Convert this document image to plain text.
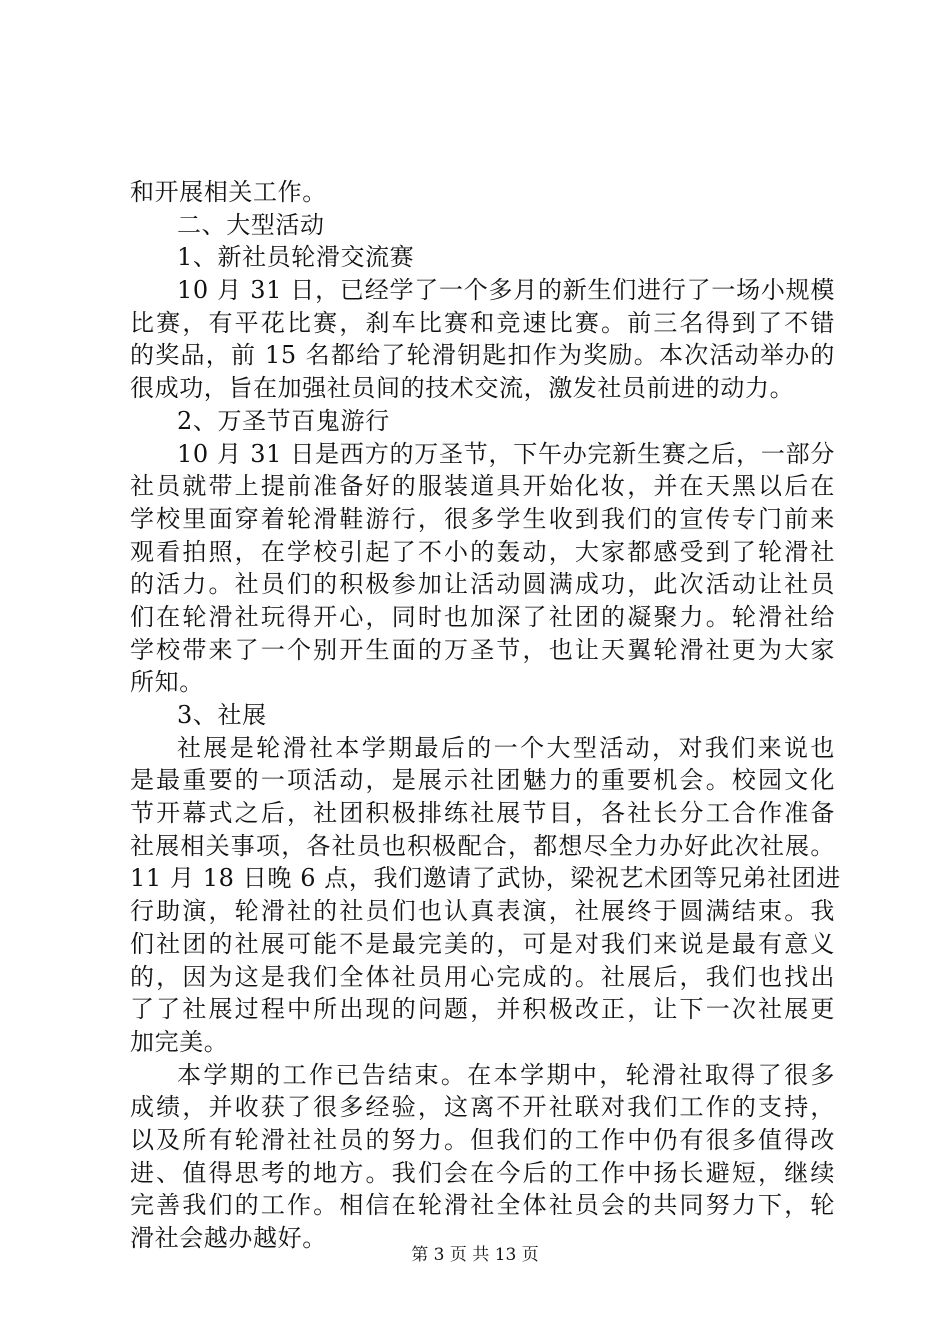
和开展相关工作。
二、大型活动
1、新社员轮滑交流赛
10 月 31 日，已经学了一个多月的新生们进行了一场小规模
比赛，有平花比赛，刹车比赛和竞速比赛。前三名得到了不错
的奖品，前 15 名都给了轮滑钥匙扣作为奖励。本次活动举办的
很成功，旨在加强社员间的技术交流，激发社员前进的动力。
2、万圣节百鬼游行
10 月 31 日是西方的万圣节，下午办完新生赛之后，一部分
社员就带上提前准备好的服装道具开始化妆，并在天黑以后在
学校里面穿着轮滑鞋游行，很多学生收到我们的宣传专门前来
观看拍照，在学校引起了不小的轰动，大家都感受到了轮滑社
的活力。社员们的积极参加让活动圆满成功，此次活动让社员
们在轮滑社玩得开心，同时也加深了社团的凝聚力。轮滑社给
学校带来了一个别开生面的万圣节，也让天翼轮滑社更为大家
所知。
3、社展
社展是轮滑社本学期最后的一个大型活动，对我们来说也
是最重要的一项活动，是展示社团魅力的重要机会。校园文化
节开幕式之后，社团积极排练社展节目，各社长分工合作准备
社展相关事项，各社员也积极配合，都想尽全力办好此次社展。
11 月 18 日晚 6 点，我们邀请了武协，梁祝艺术团等兄弟社团进
行助演，轮滑社的社员们也认真表演，社展终于圆满结束。我
们社团的社展可能不是最完美的，可是对我们来说是最有意义
的，因为这是我们全体社员用心完成的。社展后，我们也找出
了了社展过程中所出现的问题，并积极改正，让下一次社展更
加完美。
本学期的工作已告结束。在本学期中，轮滑社取得了很多
成绩，并收获了很多经验，这离不开社联对我们工作的支持，
以及所有轮滑社社员的努力。但我们的工作中仍有很多值得改
进、值得思考的地方。我们会在今后的工作中扬长避短，继续
完善我们的工作。相信在轮滑社全体社员会的共同努力下，轮
滑社会越办越好。
第 3 页 共 13 页
